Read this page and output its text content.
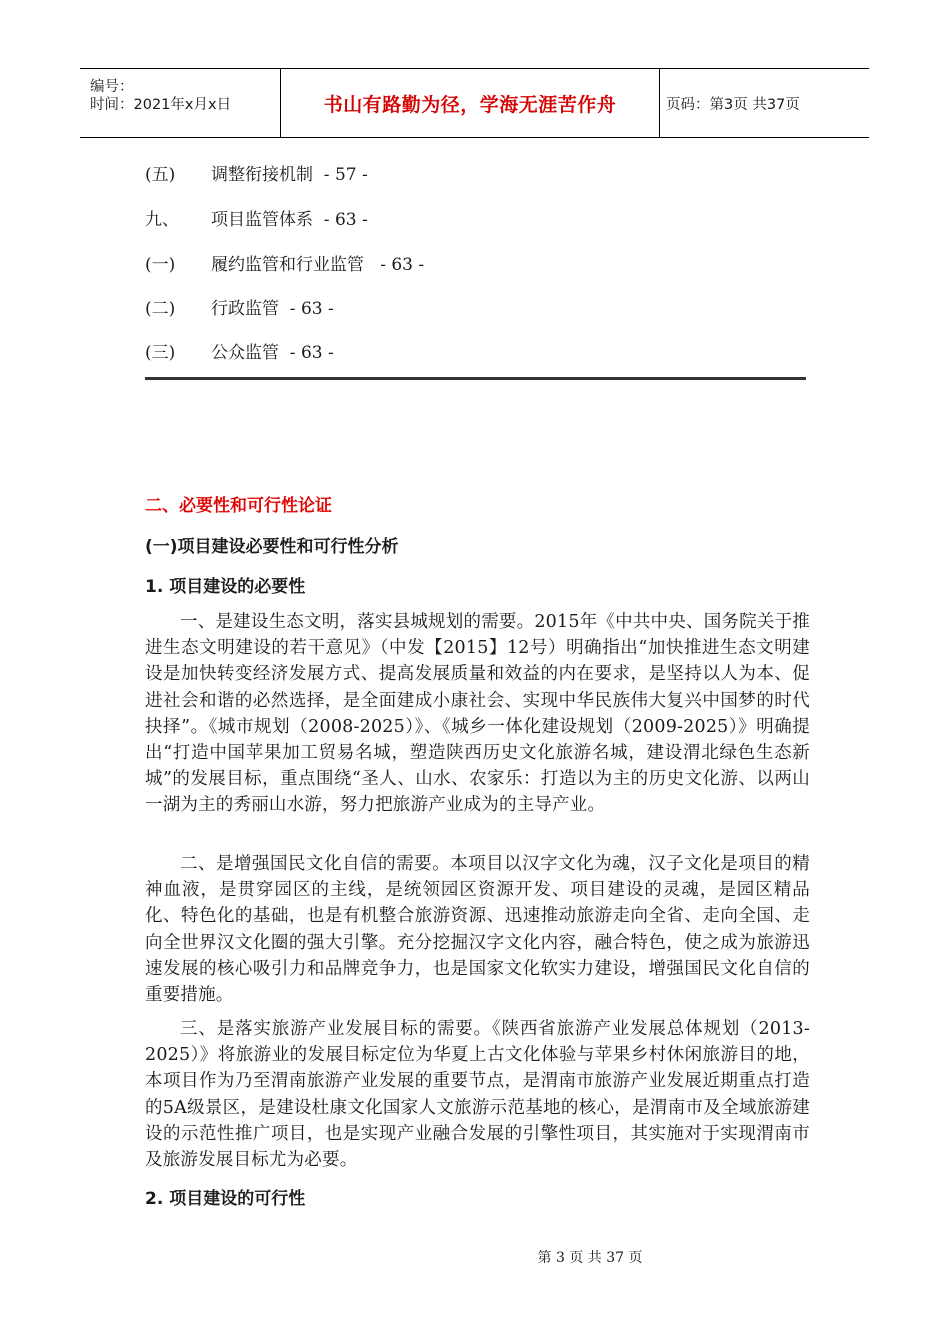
编号：
时间：2021年x月x日	书山有路勤为径，学海无涯苦作舟	页码：第3页 共37页
(五) 调整衔接机制  - 57 -
九、 项目监管体系  - 63 -
(一) 履约监管和行业监管   - 63 -
(二) 行政监管  - 63 -
(三) 公众监管  - 63 -
二、必要性和可行性论证
(一)项目建设必要性和可行性分析
1. 项目建设的必要性

一、是建设生态文明，落实县城规划的需要。2015年《中共中央、国务院关于推进生态文明建设的若干意见》（中发【2015】12号）明确指出“加快推进生态文明建设是加快转变经济发展方式、提高发展质量和效益的内在要求，是坚持以人为本、促进社会和谐的必然选择，是全面建成小康社会、实现中华民族伟大复兴中国梦的时代抉择”。《城市规划（2008-2025）》、《城乡一体化建设规划（2009-2025）》明确提出“打造中国苹果加工贸易名城，塑造陕西历史文化旅游名城，建设渭北绿色生态新城”的发展目标，重点围绕“圣人、山水、农家乐：打造以为主的历史文化游、以两山一湖为主的秀丽山水游，努力把旅游产业成为的主导产业。

二、是增强国民文化自信的需要。本项目以汉字文化为魂，汉子文化是项目的精神血液，是贯穿园区的主线，是统领园区资源开发、项目建设的灵魂，是园区精品化、特色化的基础，也是有机整合旅游资源、迅速推动旅游走向全省、走向全国、走向全世界汉文化圈的强大引擎。充分挖掘汉字文化内容，融合特色，使之成为旅游迅速发展的核心吸引力和品牌竞争力，也是国家文化软实力建设，增强国民文化自信的重要措施。

三、是落实旅游产业发展目标的需要。《陕西省旅游产业发展总体规划（2013-2025）》将旅游业的发展目标定位为华夏上古文化体验与苹果乡村休闲旅游目的地，本项目作为乃至渭南旅游产业发展的重要节点，是渭南市旅游产业发展近期重点打造的5A级景区，是建设杜康文化国家人文旅游示范基地的核心，是渭南市及全域旅游建设的示范性推广项目，也是实现产业融合发展的引擎性项目，其实施对于实现渭南市及旅游发展目标尤为必要。

2. 项目建设的可行性
第 3 页 共 37 页
